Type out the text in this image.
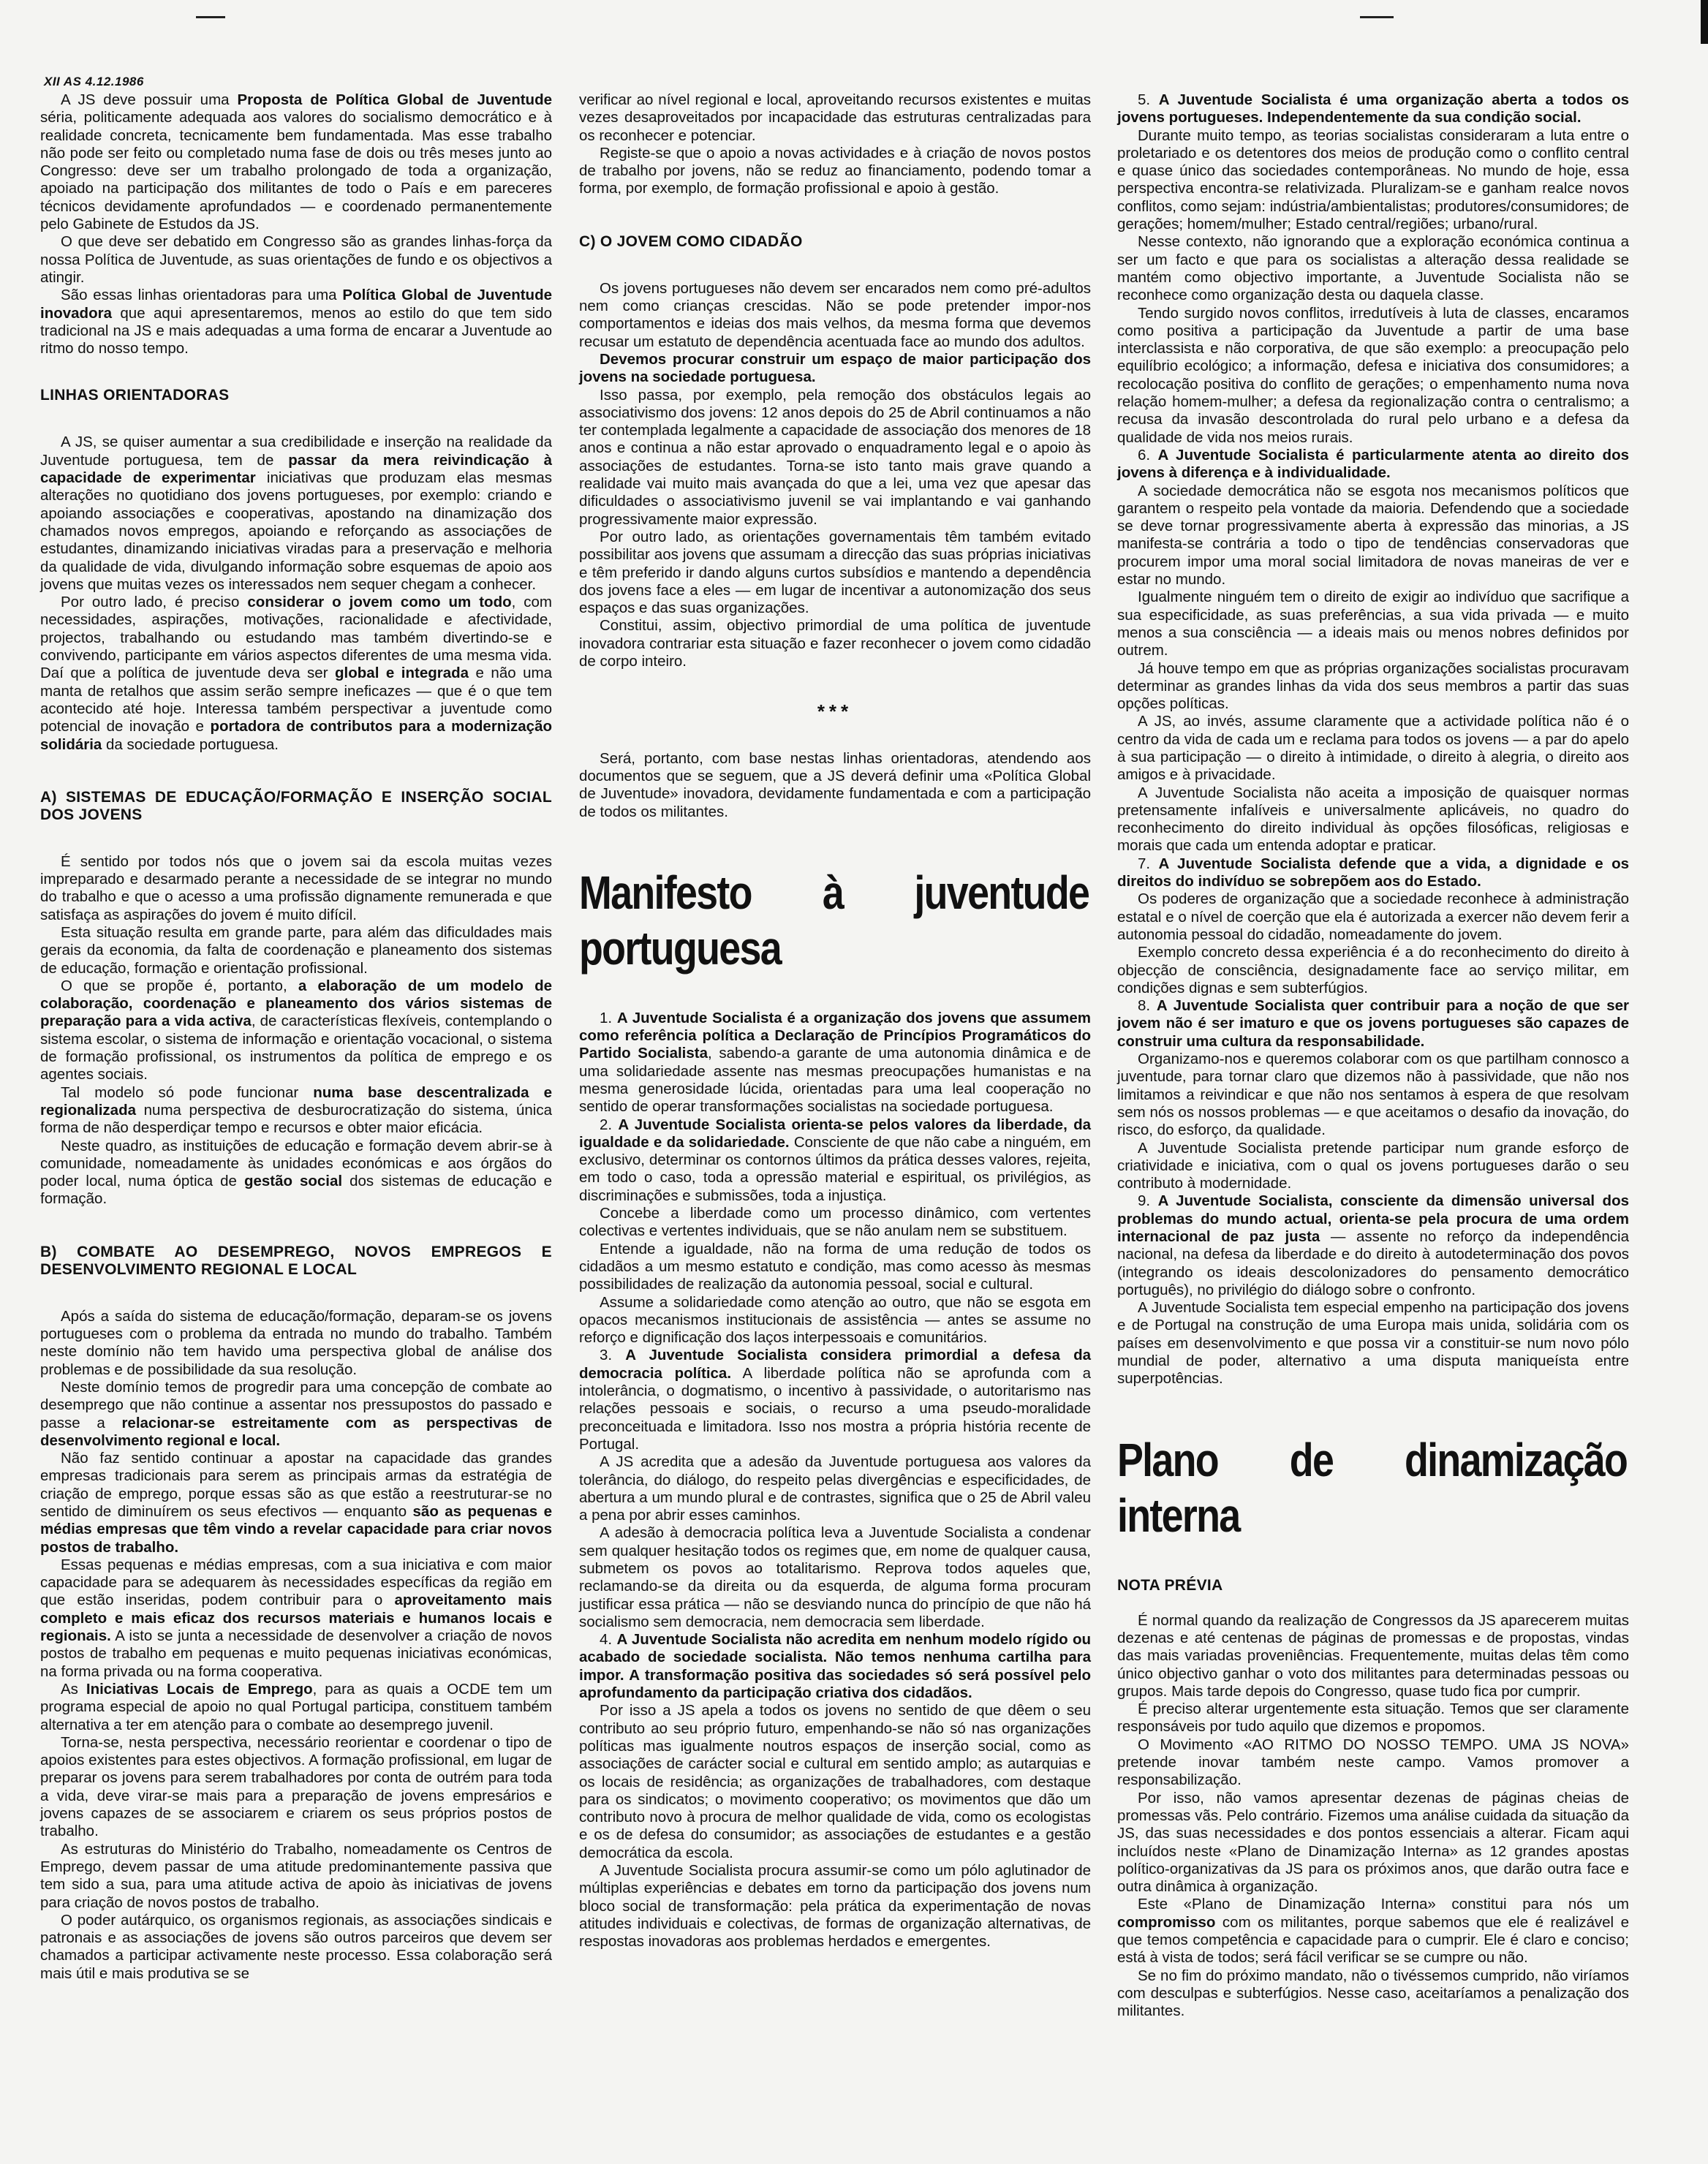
XII AS 4.12.1986

A JS deve possuir uma Proposta de Política Global de Juventude séria, politicamente adequada aos valores do socialismo democrático e à realidade concreta, tecnicamente bem fundamentada. Mas esse trabalho não pode ser feito ou completado numa fase de dois ou três meses junto ao Congresso: deve ser um trabalho prolongado de toda a organização, apoiado na participação dos militantes de todo o País e em pareceres técnicos devidamente aprofundados — e coordenado permanentemente pelo Gabinete de Estudos da JS.

O que deve ser debatido em Congresso são as grandes linhas-força da nossa Política de Juventude, as suas orientações de fundo e os objectivos a atingir.

São essas linhas orientadoras para uma Política Global de Juventude inovadora que aqui apresentaremos, menos ao estilo do que tem sido tradicional na JS e mais adequadas a uma forma de encarar a Juventude ao ritmo do nosso tempo.

LINHAS ORIENTADORAS

A JS, se quiser aumentar a sua credibilidade e inserção na realidade da Juventude portuguesa, tem de passar da mera reivindicação à capacidade de experimentar iniciativas que produzam elas mesmas alterações no quotidiano dos jovens portugueses, por exemplo: criando e apoiando associações e cooperativas, apostando na dinamização dos chamados novos empregos, apoiando e reforçando as associações de estudantes, dinamizando iniciativas viradas para a preservação e melhoria da qualidade de vida, divulgando informação sobre esquemas de apoio aos jovens que muitas vezes os interessados nem sequer chegam a conhecer.

Por outro lado, é preciso considerar o jovem como um todo, com necessidades, aspirações, motivações, racionalidade e afectividade, projectos, trabalhando ou estudando mas também divertindo-se e convivendo, participante em vários aspectos diferentes de uma mesma vida. Daí que a política de juventude deva ser global e integrada e não uma manta de retalhos que assim serão sempre ineficazes — que é o que tem acontecido até hoje. Interessa também perspectivar a juventude como potencial de inovação e portadora de contributos para a modernização solidária da sociedade portuguesa.

A) SISTEMAS DE EDUCAÇÃO/FORMAÇÃO E INSERÇÃO SOCIAL DOS JOVENS

É sentido por todos nós que o jovem sai da escola muitas vezes impreparado e desarmado perante a necessidade de se integrar no mundo do trabalho e que o acesso a uma profissão dignamente remunerada e que satisfaça as aspirações do jovem é muito difícil.

Esta situação resulta em grande parte, para além das dificuldades mais gerais da economia, da falta de coordenação e planeamento dos sistemas de educação, formação e orientação profissional.

O que se propõe é, portanto, a elaboração de um modelo de colaboração, coordenação e planeamento dos vários sistemas de preparação para a vida activa, de características flexíveis, contemplando o sistema escolar, o sistema de informação e orientação vocacional, o sistema de formação profissional, os instrumentos da política de emprego e os agentes sociais.

Tal modelo só pode funcionar numa base descentralizada e regionalizada numa perspectiva de desburocratização do sistema, única forma de não desperdiçar tempo e recursos e obter maior eficácia.

Neste quadro, as instituições de educação e formação devem abrir-se à comunidade, nomeadamente às unidades económicas e aos órgãos do poder local, numa óptica de gestão social dos sistemas de educação e formação.

B) COMBATE AO DESEMPREGO, NOVOS EMPREGOS E DESENVOLVIMENTO REGIONAL E LOCAL

Após a saída do sistema de educação/formação, deparam-se os jovens portugueses com o problema da entrada no mundo do trabalho. Também neste domínio não tem havido uma perspectiva global de análise dos problemas e de possibilidade da sua resolução.

Neste domínio temos de progredir para uma concepção de combate ao desemprego que não continue a assentar nos pressupostos do passado e passe a relacionar-se estreitamente com as perspectivas de desenvolvimento regional e local.

Não faz sentido continuar a apostar na capacidade das grandes empresas tradicionais para serem as principais armas da estratégia de criação de emprego, porque essas são as que estão a reestruturar-se no sentido de diminuírem os seus efectivos — enquanto são as pequenas e médias empresas que têm vindo a revelar capacidade para criar novos postos de trabalho.

Essas pequenas e médias empresas, com a sua iniciativa e com maior capacidade para se adequarem às necessidades específicas da região em que estão inseridas, podem contribuir para o aproveitamento mais completo e mais eficaz dos recursos materiais e humanos locais e regionais. A isto se junta a necessidade de desenvolver a criação de novos postos de trabalho em pequenas e muito pequenas iniciativas económicas, na forma privada ou na forma cooperativa.

As Iniciativas Locais de Emprego, para as quais a OCDE tem um programa especial de apoio no qual Portugal participa, constituem também alternativa a ter em atenção para o combate ao desemprego juvenil.

Torna-se, nesta perspectiva, necessário reorientar e coordenar o tipo de apoios existentes para estes objectivos. A formação profissional, em lugar de preparar os jovens para serem trabalhadores por conta de outrém para toda a vida, deve virar-se mais para a preparação de jovens empresários e jovens capazes de se associarem e criarem os seus próprios postos de trabalho.

As estruturas do Ministério do Trabalho, nomeadamente os Centros de Emprego, devem passar de uma atitude predominantemente passiva que tem sido a sua, para uma atitude activa de apoio às iniciativas de jovens para criação de novos postos de trabalho.

O poder autárquico, os organismos regionais, as associações sindicais e patronais e as associações de jovens são outros parceiros que devem ser chamados a participar activamente neste processo. Essa colaboração será mais útil e mais produtiva se se

verificar ao nível regional e local, aproveitando recursos existentes e muitas vezes desaproveitados por incapacidade das estruturas centralizadas para os reconhecer e potenciar.

Registe-se que o apoio a novas actividades e à criação de novos postos de trabalho por jovens, não se reduz ao financiamento, podendo tomar a forma, por exemplo, de formação profissional e apoio à gestão.

C) O JOVEM COMO CIDADÃO

Os jovens portugueses não devem ser encarados nem como pré-adultos nem como crianças crescidas. Não se pode pretender impor-nos comportamentos e ideias dos mais velhos, da mesma forma que devemos recusar um estatuto de dependência acentuada face ao mundo dos adultos.

Devemos procurar construir um espaço de maior participação dos jovens na sociedade portuguesa.

Isso passa, por exemplo, pela remoção dos obstáculos legais ao associativismo dos jovens: 12 anos depois do 25 de Abril continuamos a não ter contemplada legalmente a capacidade de associação dos menores de 18 anos e continua a não estar aprovado o enquadramento legal e o apoio às associações de estudantes. Torna-se isto tanto mais grave quando a realidade vai muito mais avançada do que a lei, uma vez que apesar das dificuldades o associativismo juvenil se vai implantando e vai ganhando progressivamente maior expressão.

Por outro lado, as orientações governamentais têm também evitado possibilitar aos jovens que assumam a direcção das suas próprias iniciativas e têm preferido ir dando alguns curtos subsídios e mantendo a dependência dos jovens face a eles — em lugar de incentivar a autonomização dos seus espaços e das suas organizações.

Constitui, assim, objectivo primordial de uma política de juventude inovadora contrariar esta situação e fazer reconhecer o jovem como cidadão de corpo inteiro.

***

Será, portanto, com base nestas linhas orientadoras, atendendo aos documentos que se seguem, que a JS deverá definir uma «Política Global de Juventude» inovadora, devidamente fundamentada e com a participação de todos os militantes.

Manifesto à juventude portuguesa

1. A Juventude Socialista é a organização dos jovens que assumem como referência política a Declaração de Princípios Programáticos do Partido Socialista, sabendo-a garante de uma autonomia dinâmica e de uma solidariedade assente nas mesmas preocupações humanistas e na mesma generosidade lúcida, orientadas para uma leal cooperação no sentido de operar transformações socialistas na sociedade portuguesa.

2. A Juventude Socialista orienta-se pelos valores da liberdade, da igualdade e da solidariedade. Consciente de que não cabe a ninguém, em exclusivo, determinar os contornos últimos da prática desses valores, rejeita, em todo o caso, toda a opressão material e espiritual, os privilégios, as discriminações e submissões, toda a injustiça.

Concebe a liberdade como um processo dinâmico, com vertentes colectivas e vertentes individuais, que se não anulam nem se substituem.

Entende a igualdade, não na forma de uma redução de todos os cidadãos a um mesmo estatuto e condição, mas como acesso às mesmas possibilidades de realização da autonomia pessoal, social e cultural.

Assume a solidariedade como atenção ao outro, que não se esgota em opacos mecanismos institucionais de assistência — antes se assume no reforço e dignificação dos laços interpessoais e comunitários.

3. A Juventude Socialista considera primordial a defesa da democracia política. A liberdade política não se aprofunda com a intolerância, o dogmatismo, o incentivo à passividade, o autoritarismo nas relações pessoais e sociais, o recurso a uma pseudo-moralidade preconceituada e limitadora. Isso nos mostra a própria história recente de Portugal.

A JS acredita que a adesão da Juventude portuguesa aos valores da tolerância, do diálogo, do respeito pelas divergências e especificidades, de abertura a um mundo plural e de contrastes, significa que o 25 de Abril valeu a pena por abrir esses caminhos.

A adesão à democracia política leva a Juventude Socialista a condenar sem qualquer hesitação todos os regimes que, em nome de qualquer causa, submetem os povos ao totalitarismo. Reprova todos aqueles que, reclamando-se da direita ou da esquerda, de alguma forma procuram justificar essa prática — não se desviando nunca do princípio de que não há socialismo sem democracia, nem democracia sem liberdade.

4. A Juventude Socialista não acredita em nenhum modelo rígido ou acabado de sociedade socialista. Não temos nenhuma cartilha para impor. A transformação positiva das sociedades só será possível pelo aprofundamento da participação criativa dos cidadãos.

Por isso a JS apela a todos os jovens no sentido de que dêem o seu contributo ao seu próprio futuro, empenhando-se não só nas organizações políticas mas igualmente noutros espaços de inserção social, como as associações de carácter social e cultural em sentido amplo; as autarquias e os locais de residência; as organizações de trabalhadores, com destaque para os sindicatos; o movimento cooperativo; os movimentos que dão um contributo novo à procura de melhor qualidade de vida, como os ecologistas e os de defesa do consumidor; as associações de estudantes e a gestão democrática da escola.

A Juventude Socialista procura assumir-se como um pólo aglutinador de múltiplas experiências e debates em torno da participação dos jovens num bloco social de transformação: pela prática da experimentação de novas atitudes individuais e colectivas, de formas de organização alternativas, de respostas inovadoras aos problemas herdados e emergentes.

5. A Juventude Socialista é uma organização aberta a todos os jovens portugueses. Independentemente da sua condição social.

Durante muito tempo, as teorias socialistas consideraram a luta entre o proletariado e os detentores dos meios de produção como o conflito central e quase único das sociedades contemporâneas. No mundo de hoje, essa perspectiva encontra-se relativizada. Pluralizam-se e ganham realce novos conflitos, como sejam: indústria/ambientalistas; produtores/consumidores; de gerações; homem/mulher; Estado central/regiões; urbano/rural.

Nesse contexto, não ignorando que a exploração económica continua a ser um facto e que para os socialistas a alteração dessa realidade se mantém como objectivo importante, a Juventude Socialista não se reconhece como organização desta ou daquela classe.

Tendo surgido novos conflitos, irredutíveis à luta de classes, encaramos como positiva a participação da Juventude a partir de uma base interclassista e não corporativa, de que são exemplo: a preocupação pelo equilíbrio ecológico; a informação, defesa e iniciativa dos consumidores; a recolocação positiva do conflito de gerações; o empenhamento numa nova relação homem-mulher; a defesa da regionalização contra o centralismo; a recusa da invasão descontrolada do rural pelo urbano e a defesa da qualidade de vida nos meios rurais.

6. A Juventude Socialista é particularmente atenta ao direito dos jovens à diferença e à individualidade.

A sociedade democrática não se esgota nos mecanismos políticos que garantem o respeito pela vontade da maioria. Defendendo que a sociedade se deve tornar progressivamente aberta à expressão das minorias, a JS manifesta-se contrária a todo o tipo de tendências conservadoras que procurem impor uma moral social limitadora de novas maneiras de ver e estar no mundo.

Igualmente ninguém tem o direito de exigir ao indivíduo que sacrifique a sua especificidade, as suas preferências, a sua vida privada — e muito menos a sua consciência — a ideais mais ou menos nobres definidos por outrem.

Já houve tempo em que as próprias organizações socialistas procuravam determinar as grandes linhas da vida dos seus membros a partir das suas opções políticas.

A JS, ao invés, assume claramente que a actividade política não é o centro da vida de cada um e reclama para todos os jovens — a par do apelo à sua participação — o direito à intimidade, o direito à alegria, o direito aos amigos e à privacidade.

A Juventude Socialista não aceita a imposição de quaisquer normas pretensamente infalíveis e universalmente aplicáveis, no quadro do reconhecimento do direito individual às opções filosóficas, religiosas e morais que cada um entenda adoptar e praticar.

7. A Juventude Socialista defende que a vida, a dignidade e os direitos do indivíduo se sobrepõem aos do Estado.

Os poderes de organização que a sociedade reconhece à administração estatal e o nível de coerção que ela é autorizada a exercer não devem ferir a autonomia pessoal do cidadão, nomeadamente do jovem.

Exemplo concreto dessa experiência é a do reconhecimento do direito à objecção de consciência, designadamente face ao serviço militar, em condições dignas e sem subterfúgios.

8. A Juventude Socialista quer contribuir para a noção de que ser jovem não é ser imaturo e que os jovens portugueses são capazes de construir uma cultura da responsabilidade.

Organizamo-nos e queremos colaborar com os que partilham connosco a juventude, para tornar claro que dizemos não à passividade, que não nos limitamos a reivindicar e que não nos sentamos à espera de que resolvam sem nós os nossos problemas — e que aceitamos o desafio da inovação, do risco, do esforço, da qualidade.

A Juventude Socialista pretende participar num grande esforço de criatividade e iniciativa, com o qual os jovens portugueses darão o seu contributo à modernidade.

9. A Juventude Socialista, consciente da dimensão universal dos problemas do mundo actual, orienta-se pela procura de uma ordem internacional de paz justa — assente no reforço da independência nacional, na defesa da liberdade e do direito à autodeterminação dos povos (integrando os ideais descolonizadores do pensamento democrático português), no privilégio do diálogo sobre o confronto.

A Juventude Socialista tem especial empenho na participação dos jovens e de Portugal na construção de uma Europa mais unida, solidária com os países em desenvolvimento e que possa vir a constituir-se num novo pólo mundial de poder, alternativo a uma disputa maniqueísta entre superpotências.

Plano de dinamização interna
NOTA PRÉVIA

É normal quando da realização de Congressos da JS aparecerem muitas dezenas e até centenas de páginas de promessas e de propostas, vindas das mais variadas proveniências. Frequentemente, muitas delas têm como único objectivo ganhar o voto dos militantes para determinadas pessoas ou grupos. Mais tarde depois do Congresso, quase tudo fica por cumprir.

É preciso alterar urgentemente esta situação. Temos que ser claramente responsáveis por tudo aquilo que dizemos e propomos.

O Movimento «AO RITMO DO NOSSO TEMPO. UMA JS NOVA» pretende inovar também neste campo. Vamos promover a responsabilização.

Por isso, não vamos apresentar dezenas de páginas cheias de promessas vãs. Pelo contrário. Fizemos uma análise cuidada da situação da JS, das suas necessidades e dos pontos essenciais a alterar. Ficam aqui incluídos neste «Plano de Dinamização Interna» as 12 grandes apostas político-organizativas da JS para os próximos anos, que darão outra face e outra dinâmica à organização.

Este «Plano de Dinamização Interna» constitui para nós um compromisso com os militantes, porque sabemos que ele é realizável e que temos competência e capacidade para o cumprir. Ele é claro e conciso; está à vista de todos; será fácil verificar se se cumpre ou não.

Se no fim do próximo mandato, não o tivéssemos cumprido, não viríamos com desculpas e subterfúgios. Nesse caso, aceitaríamos a penalização dos militantes.
